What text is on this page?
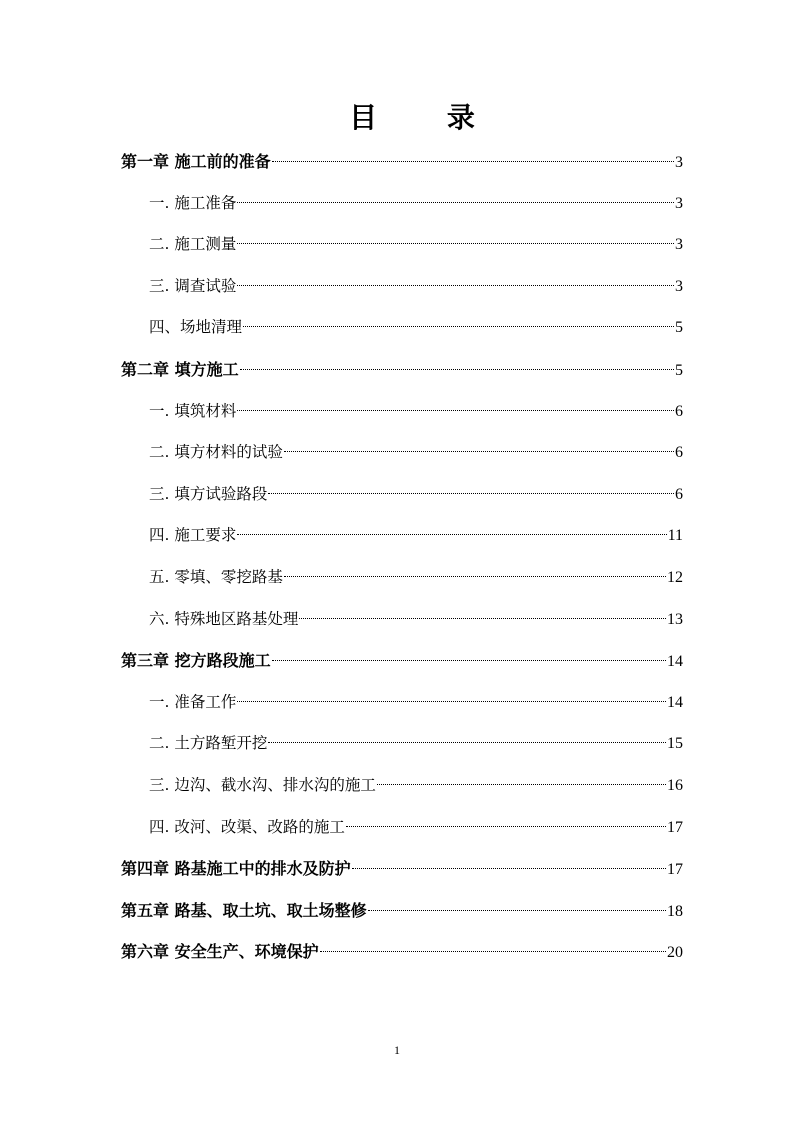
目 录
第一章 施工前的准备	3
一. 施工准备	3
二. 施工测量	3
三. 调查试验	3
四、场地清理	5
第二章 填方施工	5
一. 填筑材料	6
二. 填方材料的试验	6
三. 填方试验路段	6
四. 施工要求	11
五. 零填、零挖路基	12
六. 特殊地区路基处理	13
第三章 挖方路段施工	14
一. 准备工作	14
二. 土方路堑开挖	15
三. 边沟、截水沟、排水沟的施工	16
四. 改河、改渠、改路的施工	17
第四章 路基施工中的排水及防护	17
第五章 路基、取土坑、取土场整修	18
第六章 安全生产、环境保护	20
1
